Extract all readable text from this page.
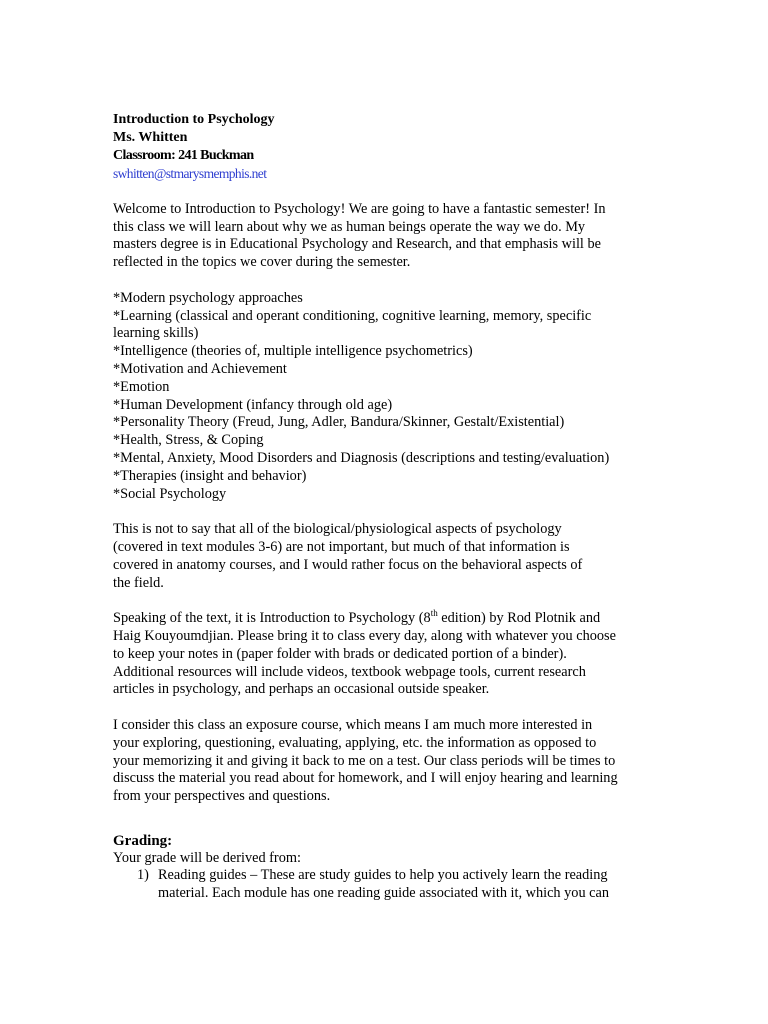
Introduction to Psychology
Ms. Whitten
Classroom: 241 Buckman
swhitten@stmarysmemphis.net

Welcome to Introduction to Psychology! We are going to have a fantastic semester! In
this class we will learn about why we as human beings operate the way we do. My
masters degree is in Educational Psychology and Research, and that emphasis will be
reflected in the topics we cover during the semester.

*Modern psychology approaches
*Learning (classical and operant conditioning, cognitive learning, memory, specific
learning skills)
*Intelligence (theories of, multiple intelligence psychometrics)
*Motivation and Achievement
*Emotion
*Human Development (infancy through old age)
*Personality Theory (Freud, Jung, Adler, Bandura/Skinner, Gestalt/Existential)
*Health, Stress, & Coping
*Mental, Anxiety, Mood Disorders and Diagnosis (descriptions and testing/evaluation)
*Therapies (insight and behavior)
*Social Psychology

This is not to say that all of the biological/physiological aspects of psychology
(covered in text modules 3-6) are not important, but much of that information is
covered in anatomy courses, and I would rather focus on the behavioral aspects of
the field.

Speaking of the text, it is Introduction to Psychology (8th edition) by Rod Plotnik and
Haig Kouyoumdjian. Please bring it to class every day, along with whatever you choose
to keep your notes in (paper folder with brads or dedicated portion of a binder).
Additional resources will include videos, textbook webpage tools, current research
articles in psychology, and perhaps an occasional outside speaker.

I consider this class an exposure course, which means I am much more interested in
your exploring, questioning, evaluating, applying, etc. the information as opposed to
your memorizing it and giving it back to me on a test. Our class periods will be times to
discuss the material you read about for homework, and I will enjoy hearing and learning
from your perspectives and questions.

Grading:
Your grade will be derived from:
1) Reading guides – These are study guides to help you actively learn the reading
material. Each module has one reading guide associated with it, which you can
